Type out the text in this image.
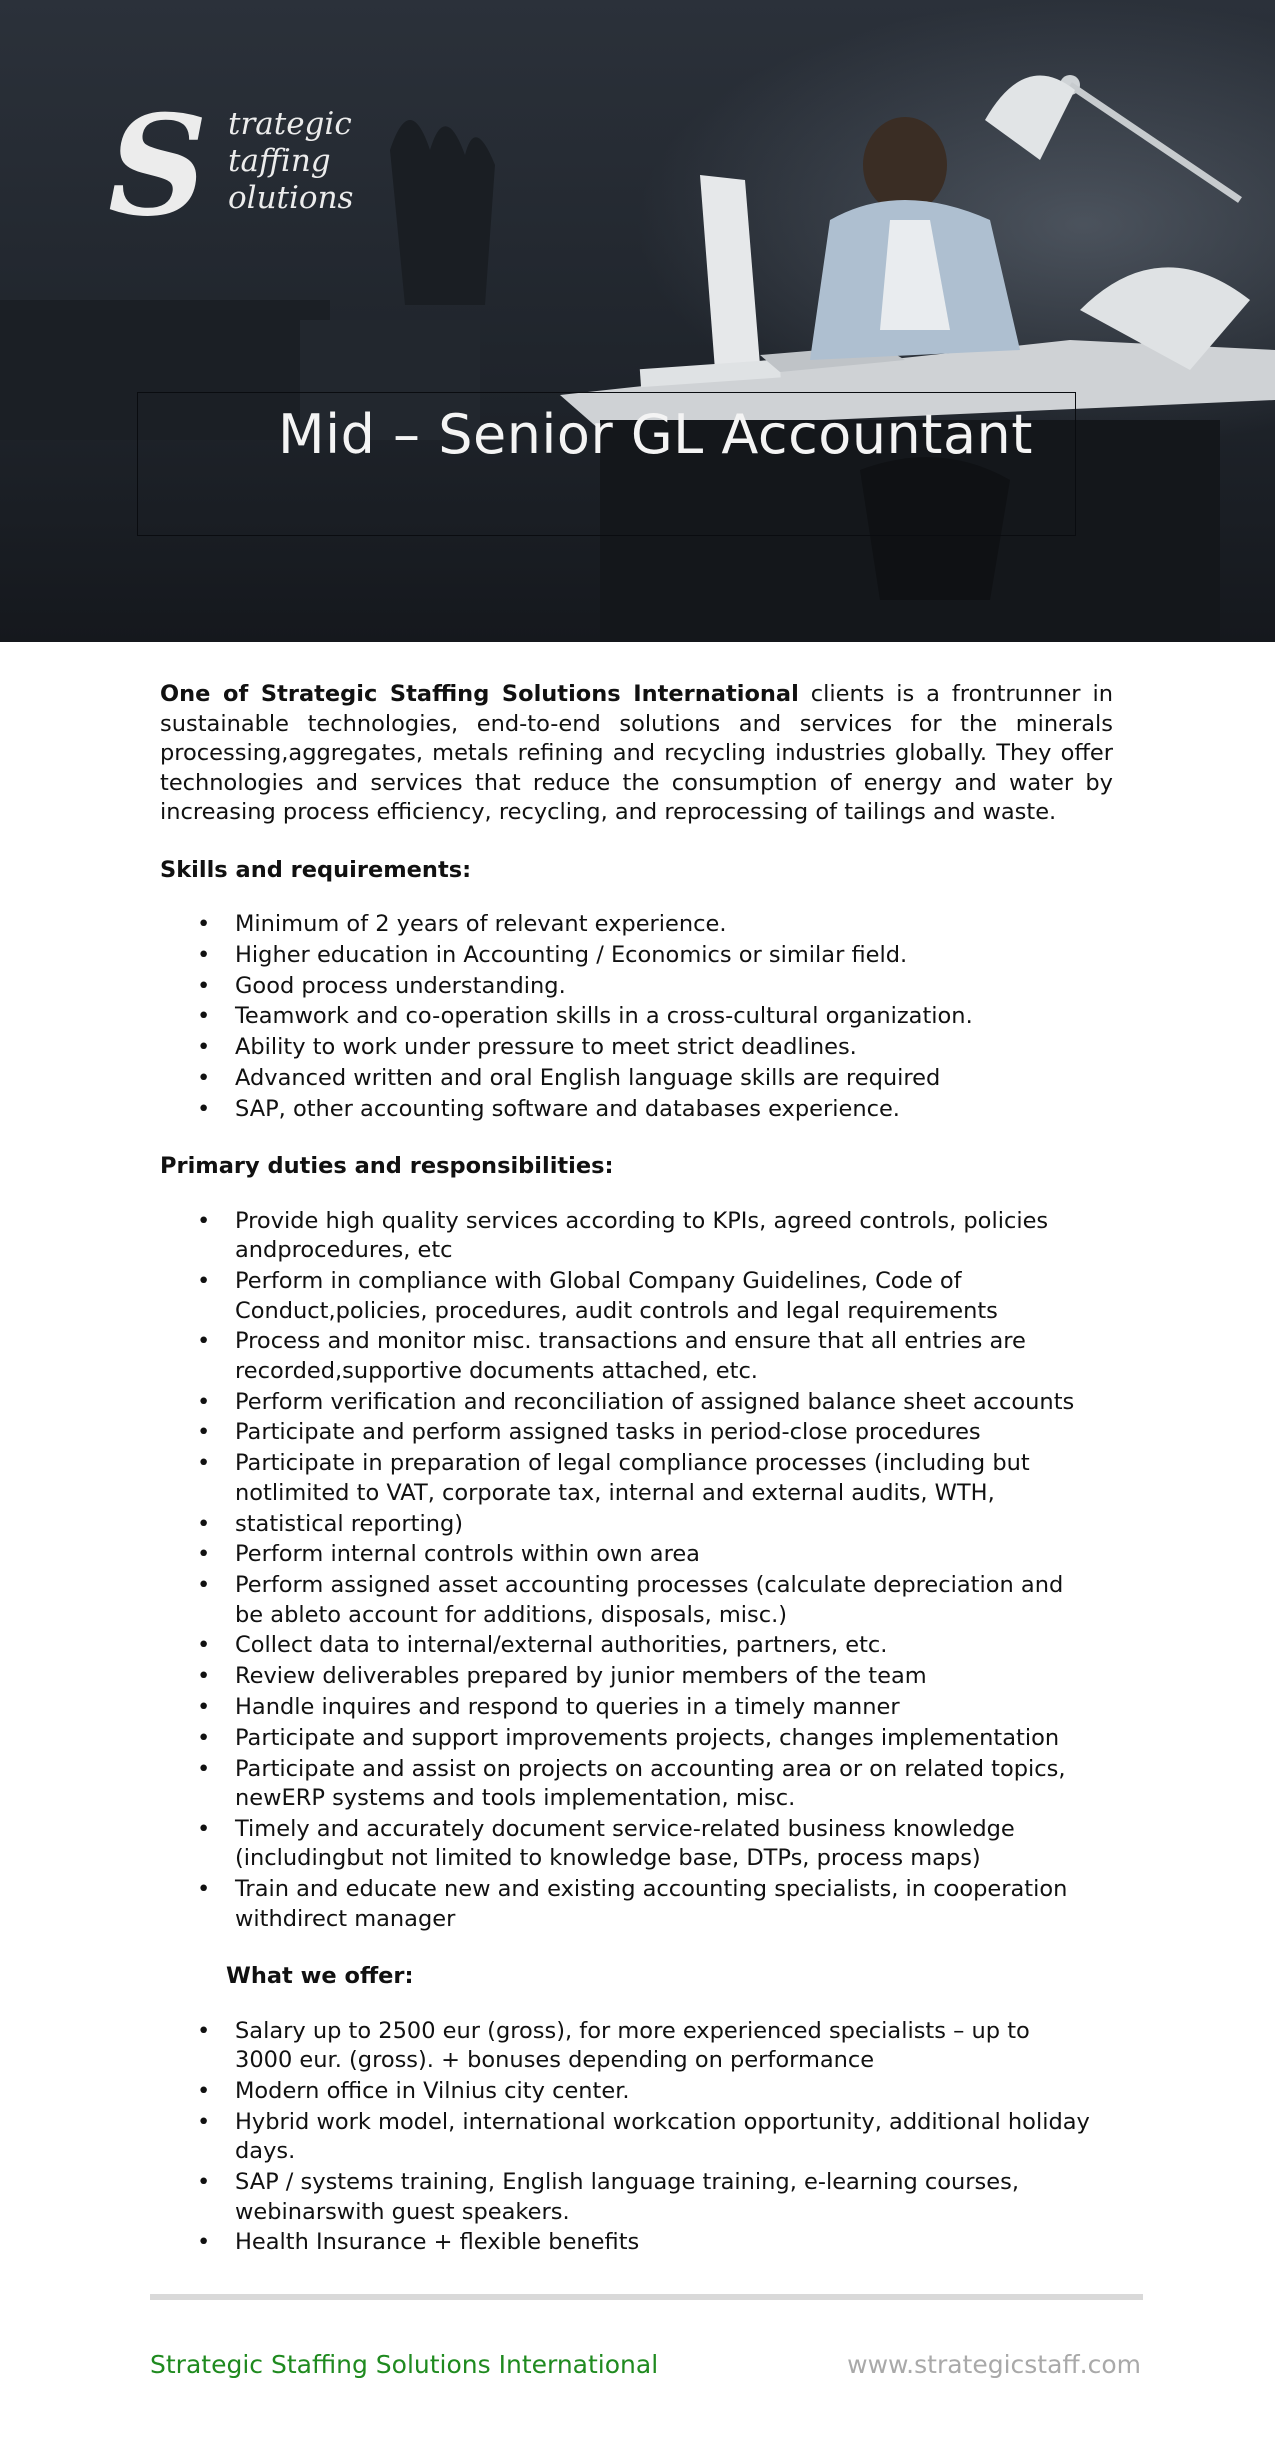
S trategic
taffing
olutions
Mid – Senior GL Accountant

One of Strategic Staffing Solutions International clients is a frontrunner in sustainable technologies, end-to-end solutions and services for the minerals processing,aggregates, metals refining and recycling industries globally. They offer technologies and services that reduce the consumption of energy and water by increasing process efficiency, recycling, and reprocessing of tailings and waste.

Skills and requirements:
• Minimum of 2 years of relevant experience.
• Higher education in Accounting / Economics or similar field.
• Good process understanding.
• Teamwork and co-operation skills in a cross-cultural organization.
• Ability to work under pressure to meet strict deadlines.
• Advanced written and oral English language skills are required
• SAP, other accounting software and databases experience.
Primary duties and responsibilities:
• Provide high quality services according to KPIs, agreed controls, policies andprocedures, etc
• Perform in compliance with Global Company Guidelines, Code of Conduct,policies, procedures, audit controls and legal requirements
• Process and monitor misc. transactions and ensure that all entries are recorded,supportive documents attached, etc.
• Perform verification and reconciliation of assigned balance sheet accounts
• Participate and perform assigned tasks in period-close procedures
• Participate in preparation of legal compliance processes (including but notlimited to VAT, corporate tax, internal and external audits, WTH,
• statistical reporting)
• Perform internal controls within own area
• Perform assigned asset accounting processes (calculate depreciation and be ableto account for additions, disposals, misc.)
• Collect data to internal/external authorities, partners, etc.
• Review deliverables prepared by junior members of the team
• Handle inquires and respond to queries in a timely manner
• Participate and support improvements projects, changes implementation
• Participate and assist on projects on accounting area or on related topics, newERP systems and tools implementation, misc.
• Timely and accurately document service-related business knowledge (includingbut not limited to knowledge base, DTPs, process maps)
• Train and educate new and existing accounting specialists, in cooperation withdirect manager
What we offer:
• Salary up to 2500 eur (gross), for more experienced specialists – up to 3000 eur. (gross). + bonuses depending on performance
• Modern office in Vilnius city center.
• Hybrid work model, international workcation opportunity, additional holiday days.
• SAP / systems training, English language training, e-learning courses, webinarswith guest speakers.
• Health Insurance + flexible benefits
Strategic Staffing Solutions International	www.strategicstaff.com
